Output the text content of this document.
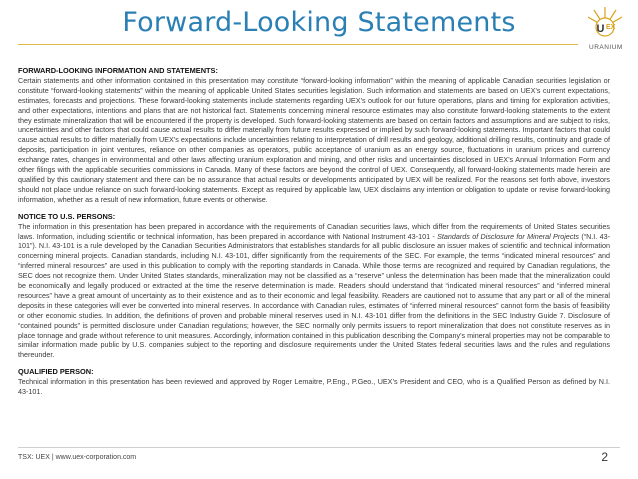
Forward-Looking Statements	U EX
URANIUM
FORWARD-LOOKING INFORMATION AND STATEMENTS:
Certain statements and other information contained in this presentation may constitute “forward-looking information” within the meaning of applicable Canadian securities legislation or constitute “forward-looking statements” within the meaning of applicable United States securities legislation. Such information and statements are based on UEX’s current expectations, estimates, forecasts and projections. These forward-looking statements include statements regarding UEX’s outlook for our future operations, plans and timing for exploration activities, and other expectations, intentions and plans that are not historical fact. Statements concerning mineral resource estimates may also constitute forward-looking statements to the extent they estimate mineralization that will be encountered if the property is developed. Such forward-looking statements are based on certain factors and assumptions and are subject to risks, uncertainties and other factors that could cause actual results to differ materially from future results expressed or implied by such forward-looking statements. Important factors that could cause actual results to differ materially from UEX’s expectations include uncertainties relating to interpretation of drill results and geology, additional drilling results, continuity and grade of deposits, participation in joint ventures, reliance on other companies as operators, public acceptance of uranium as an energy source, fluctuations in uranium prices and currency exchange rates, changes in environmental and other laws affecting uranium exploration and mining, and other risks and uncertainties disclosed in UEX’s Annual Information Form and other filings with the applicable securities commissions in Canada. Many of these factors are beyond the control of UEX. Consequently, all forward-looking statements made herein are qualified by this cautionary statement and there can be no assurance that actual results or developments anticipated by UEX will be realized. For the reasons set forth above, investors should not place undue reliance on such forward-looking statements. Except as required by applicable law, UEX disclaims any intention or obligation to update or revise forward-looking information, whether as a result of new information, future events or otherwise.
NOTICE TO U.S. PERSONS:
The information in this presentation has been prepared in accordance with the requirements of Canadian securities laws, which differ from the requirements of United States securities laws. Information, including scientific or technical information, has been prepared in accordance with National Instrument 43-101 - Standards of Disclosure for Mineral Projects (“N.I. 43-101”). N.I. 43-101 is a rule developed by the Canadian Securities Administrators that establishes standards for all public disclosure an issuer makes of scientific and technical information concerning mineral projects. Canadian standards, including N.I. 43-101, differ significantly from the requirements of the SEC. For example, the terms “indicated mineral resources” and “inferred mineral resources” are used in this publication to comply with the reporting standards in Canada. While those terms are recognized and required by Canadian regulations, the SEC does not recognize them. Under United States standards, mineralization may not be classified as a “reserve” unless the determination has been made that the mineralization could be economically and legally produced or extracted at the time the reserve determination is made. Readers should understand that “indicated mineral resources” and “inferred mineral resources” have a great amount of uncertainty as to their existence and as to their economic and legal feasibility. Readers are cautioned not to assume that any part or all of the mineral deposits in these categories will ever be converted into mineral reserves. In accordance with Canadian rules, estimates of “inferred mineral resources” cannot form the basis of feasibility or other economic studies. In addition, the definitions of proven and probable mineral reserves used in N.I. 43-101 differ from the definitions in the SEC Industry Guide 7. Disclosure of “contained pounds” is permitted disclosure under Canadian regulations; however, the SEC normally only permits issuers to report mineralization that does not constitute reserves as in place tonnage and grade without reference to unit measures. Accordingly, information contained in this publication describing the Company’s mineral properties may not be comparable to similar information made public by U.S. companies subject to the reporting and disclosure requirements under the United States federal securities laws and the rules and regulations thereunder.
QUALIFIED PERSON:
Technical information in this presentation has been reviewed and approved by Roger Lemaitre, P.Eng., P.Geo., UEX’s President and CEO, who is a Qualified Person as defined by N.I. 43-101.
TSX: UEX | www.uex-corporation.com	2
